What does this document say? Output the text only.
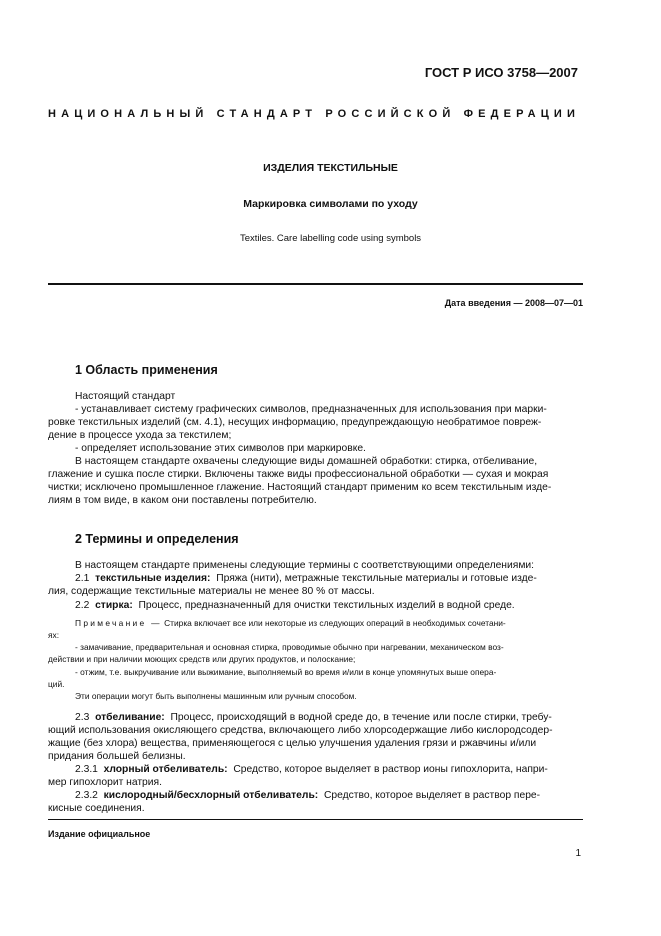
ГОСТ Р ИСО 3758—2007
НАЦИОНАЛЬНЫЙ СТАНДАРТ РОССИЙСКОЙ ФЕДЕРАЦИИ
ИЗДЕЛИЯ ТЕКСТИЛЬНЫЕ
Маркировка символами по уходу
Textiles. Care labelling code using symbols
Дата введения — 2008—07—01
1 Область применения
Настоящий стандарт
- устанавливает систему графических символов, предназначенных для использования при марки-
ровке текстильных изделий (см. 4.1), несущих информацию, предупреждающую необратимое повреж-
дение в процессе ухода за текстилем;
- определяет использование этих символов при маркировке.
В настоящем стандарте охвачены следующие виды домашней обработки: стирка, отбеливание,
глажение и сушка после стирки. Включены также виды профессиональной обработки — сухая и мокрая
чистки; исключено промышленное глажение. Настоящий стандарт применим ко всем текстильным изде-
лиям в том виде, в каком они поставлены потребителю.
2 Термины и определения
В настоящем стандарте применены следующие термины с соответствующими определениями:
2.1 текстильные изделия: Пряжа (нити), метражные текстильные материалы и готовые изде-
лия, содержащие текстильные материалы не менее 80 % от массы.
2.2 стирка: Процесс, предназначенный для очистки текстильных изделий в водной среде.
Примечание — Стирка включает все или некоторые из следующих операций в необходимых сочетани-
ях:
- замачивание, предварительная и основная стирка, проводимые обычно при нагревании, механическом воз-
действии и при наличии моющих средств или других продуктов, и полоскание;
- отжим, т.е. выкручивание или выжимание, выполняемый во время и/или в конце упомянутых выше опера-
ций.
Эти операции могут быть выполнены машинным или ручным способом.
2.3 отбеливание: Процесс, происходящий в водной среде до, в течение или после стирки, требу-
ющий использования окисляющего средства, включающего либо хлорсодержащие либо кислородсодер-
жащие (без хлора) вещества, применяющегося с целью улучшения удаления грязи и ржавчины и/или
придания большей белизны.
2.3.1 хлорный отбеливатель: Средство, которое выделяет в раствор ионы гипохлорита, напри-
мер гипохлорит натрия.
2.3.2 кислородный/бесхлорный отбеливатель: Средство, которое выделяет в раствор пере-
кисные соединения.
Издание официальное
1
